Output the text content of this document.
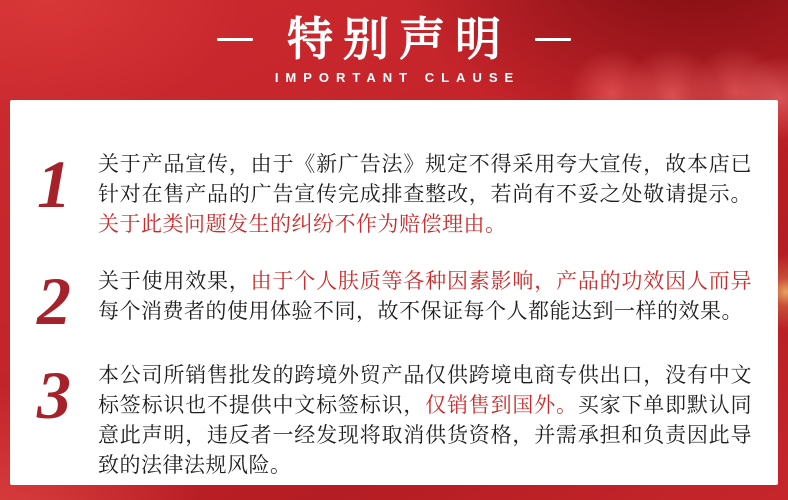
特别声明
IMPORTANT CLAUSE
1	关于产品宣传，由于《新广告法》规定不得采用夸大宣传，故本店已针对在售产品的广告宣传完成排查整改，若尚有不妥之处敬请提示。关于此类问题发生的纠纷不作为赔偿理由。

2	关于使用效果，由于个人肤质等各种因素影响，产品的功效因人而异每个消费者的使用体验不同，故不保证每个人都能达到一样的效果。

3	本公司所销售批发的跨境外贸产品仅供跨境电商专供出口，没有中文标签标识也不提供中文标签标识，仅销售到国外。买家下单即默认同意此声明，违反者一经发现将取消供货资格，并需承担和负责因此导致的法律法规风险。
